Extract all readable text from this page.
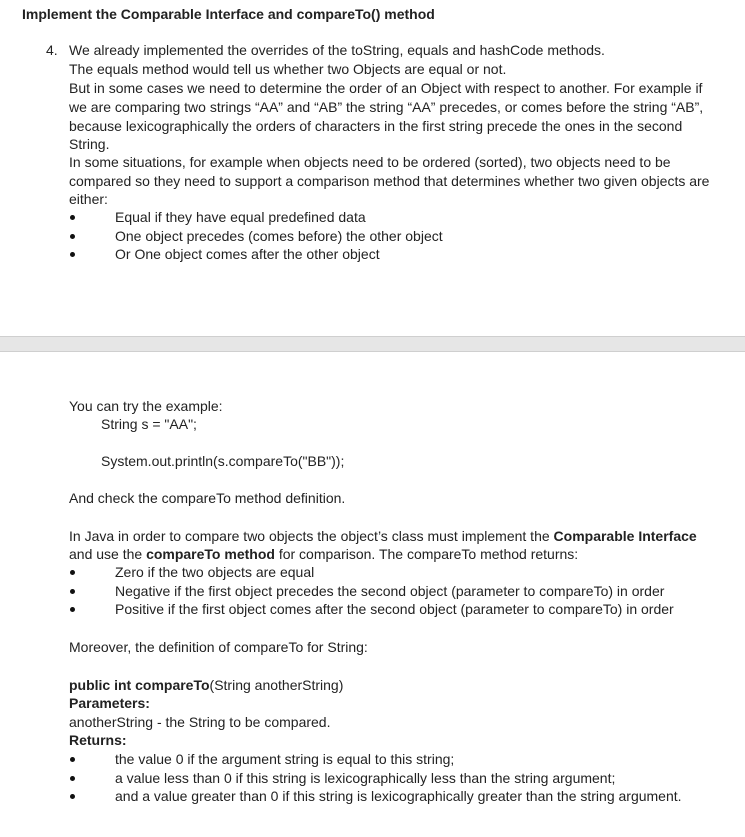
Implement the Comparable Interface and compareTo() method
4. We already implemented the overrides of the toString, equals and hashCode methods.
The equals method would tell us whether two Objects are equal or not.
But in some cases we need to determine the order of an Object with respect to another. For example if
we are comparing two strings “AA” and “AB” the string “AA” precedes, or comes before the string “AB”,
because lexicographically the orders of characters in the first string precede the ones in the second
String.
In some situations, for example when objects need to be ordered (sorted), two objects need to be
compared so they need to support a comparison method that determines whether two given objects are
either:
Equal if they have equal predefined data
One object precedes (comes before) the other object
Or One object comes after the other object
You can try the example:
String s = "AA";
System.out.println(s.compareTo("BB"));
And check the compareTo method definition.
In Java in order to compare two objects the object’s class must implement the Comparable Interface
and use the compareTo method for comparison. The compareTo method returns:
Zero if the two objects are equal
Negative if the first object precedes the second object (parameter to compareTo) in order
Positive if the first object comes after the second object (parameter to compareTo) in order
Moreover, the definition of compareTo for String:
public int compareTo(String anotherString)
Parameters:
anotherString - the String to be compared.
Returns:
the value 0 if the argument string is equal to this string;
a value less than 0 if this string is lexicographically less than the string argument;
and a value greater than 0 if this string is lexicographically greater than the string argument.
